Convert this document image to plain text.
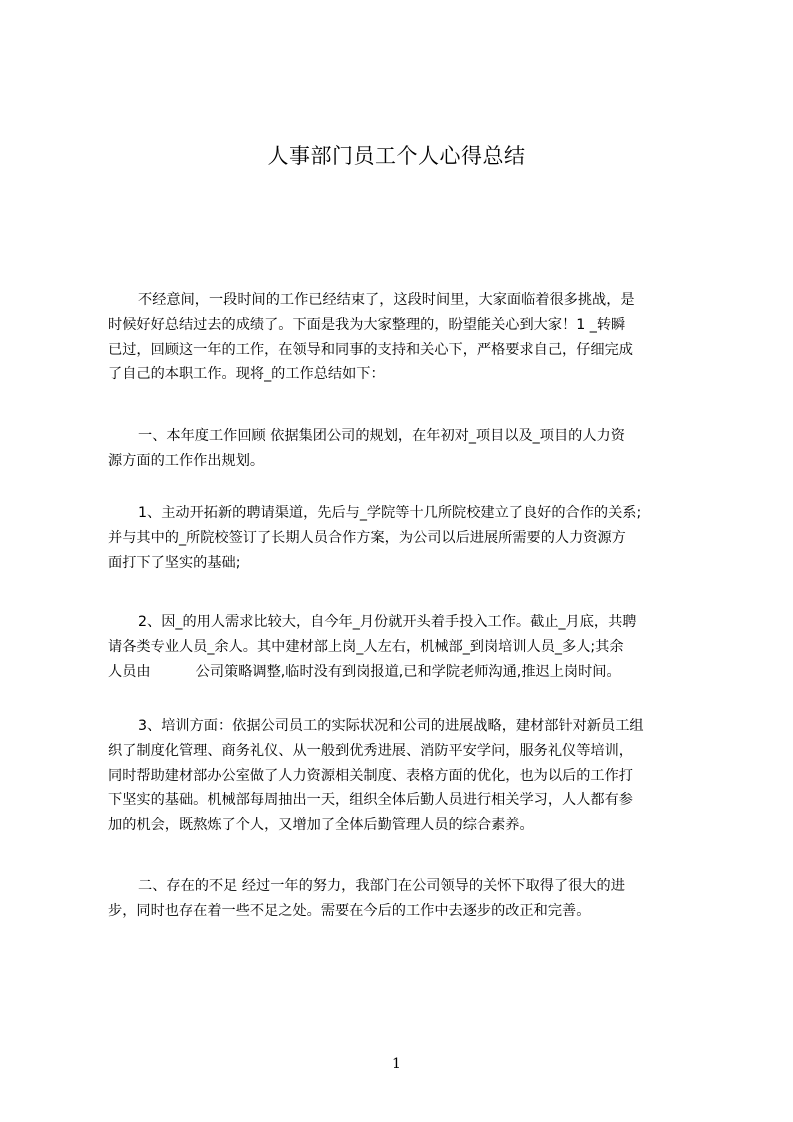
人事部门员工个人心得总结
不经意间，一段时间的工作已经结束了，这段时间里，大家面临着很多挑战，是
时候好好总结过去的成绩了。下面是我为大家整理的，盼望能关心到大家！1 _转瞬
已过，回顾这一年的工作，在领导和同事的支持和关心下，严格要求自己，仔细完成
了自己的本职工作。现将_的工作总结如下：
一、本年度工作回顾 依据集团公司的规划，在年初对_项目以及_项目的人力资
源方面的工作作出规划。
1、主动开拓新的聘请渠道，先后与_学院等十几所院校建立了良好的合作的关系;
并与其中的_所院校签订了长期人员合作方案，为公司以后进展所需要的人力资源方
面打下了坚实的基础;
2、因_的用人需求比较大，自今年_月份就开头着手投入工作。截止_月底，共聘
请各类专业人员_余人。其中建材部上岗_人左右，机械部_到岗培训人员_多人;其余
人员由          公司策略调整,临时没有到岗报道,已和学院老师沟通,推迟上岗时间。
3、培训方面：依据公司员工的实际状况和公司的进展战略，建材部针对新员工组
织了制度化管理、商务礼仪、从一般到优秀进展、消防平安学问，服务礼仪等培训，
同时帮助建材部办公室做了人力资源相关制度、表格方面的优化，也为以后的工作打
下坚实的基础。机械部每周抽出一天，组织全体后勤人员进行相关学习，人人都有参
加的机会，既熬炼了个人，又增加了全体后勤管理人员的综合素养。
二、存在的不足 经过一年的努力，我部门在公司领导的关怀下取得了很大的进
步，同时也存在着一些不足之处。需要在今后的工作中去逐步的改正和完善。
1
